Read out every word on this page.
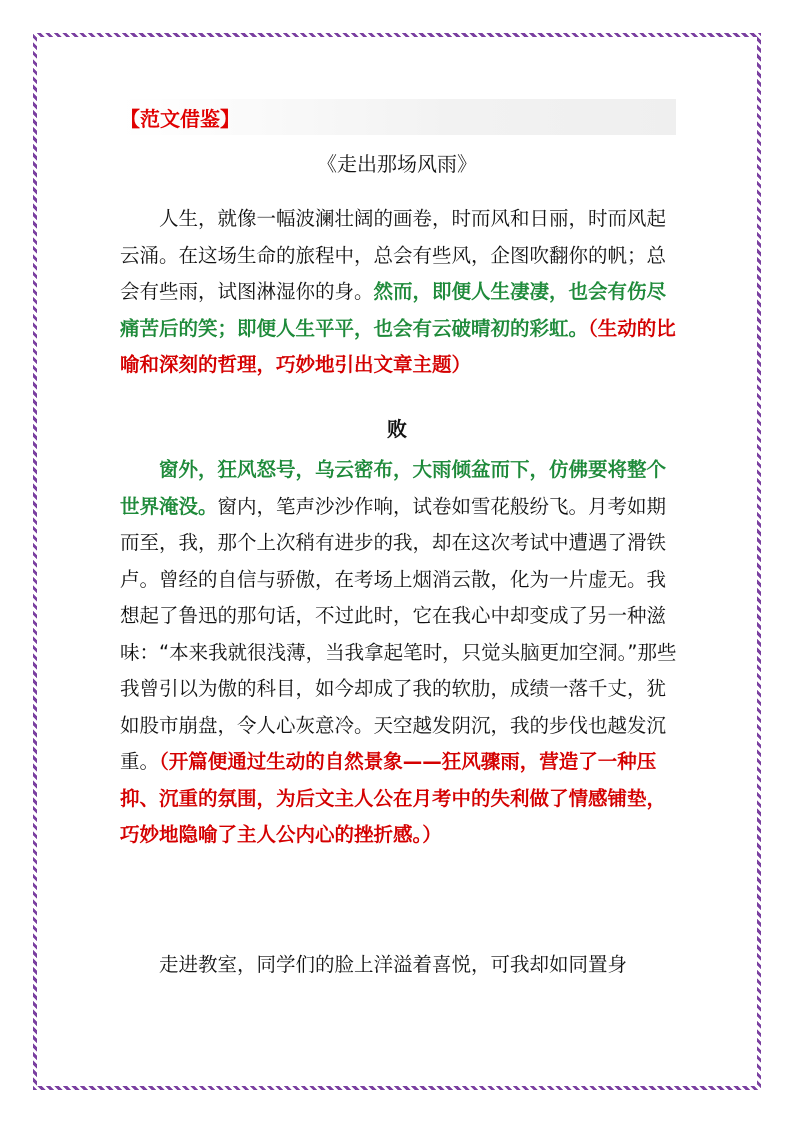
【范文借鉴】
《走出那场风雨》
　　人生，就像一幅波澜壮阔的画卷，时而风和日丽，时而风起云涌。在这场生命的旅程中，总会有些风，企图吹翻你的帆；总会有些雨，试图淋湿你的身。然而，即便人生凄凄，也会有伤尽痛苦后的笑；即便人生平平，也会有云破晴初的彩虹。（生动的比喻和深刻的哲理，巧妙地引出文章主题）
败
　　窗外，狂风怒号，乌云密布，大雨倾盆而下，仿佛要将整个世界淹没。窗内，笔声沙沙作响，试卷如雪花般纷飞。月考如期而至，我，那个上次稍有进步的我，却在这次考试中遭遇了滑铁卢。曾经的自信与骄傲，在考场上烟消云散，化为一片虚无。我想起了鲁迅的那句话，不过此时，它在我心中却变成了另一种滋味：“本来我就很浅薄，当我拿起笔时，只觉头脑更加空洞。”那些我曾引以为傲的科目，如今却成了我的软肋，成绩一落千丈，犹如股市崩盘，令人心灰意冷。天空越发阴沉，我的步伐也越发沉重。（开篇便通过生动的自然景象——狂风骤雨，营造了一种压抑、沉重的氛围，为后文主人公在月考中的失利做了情感铺垫，巧妙地隐喻了主人公内心的挫折感。）
　　走进教室，同学们的脸上洋溢着喜悦，可我却如同置身
